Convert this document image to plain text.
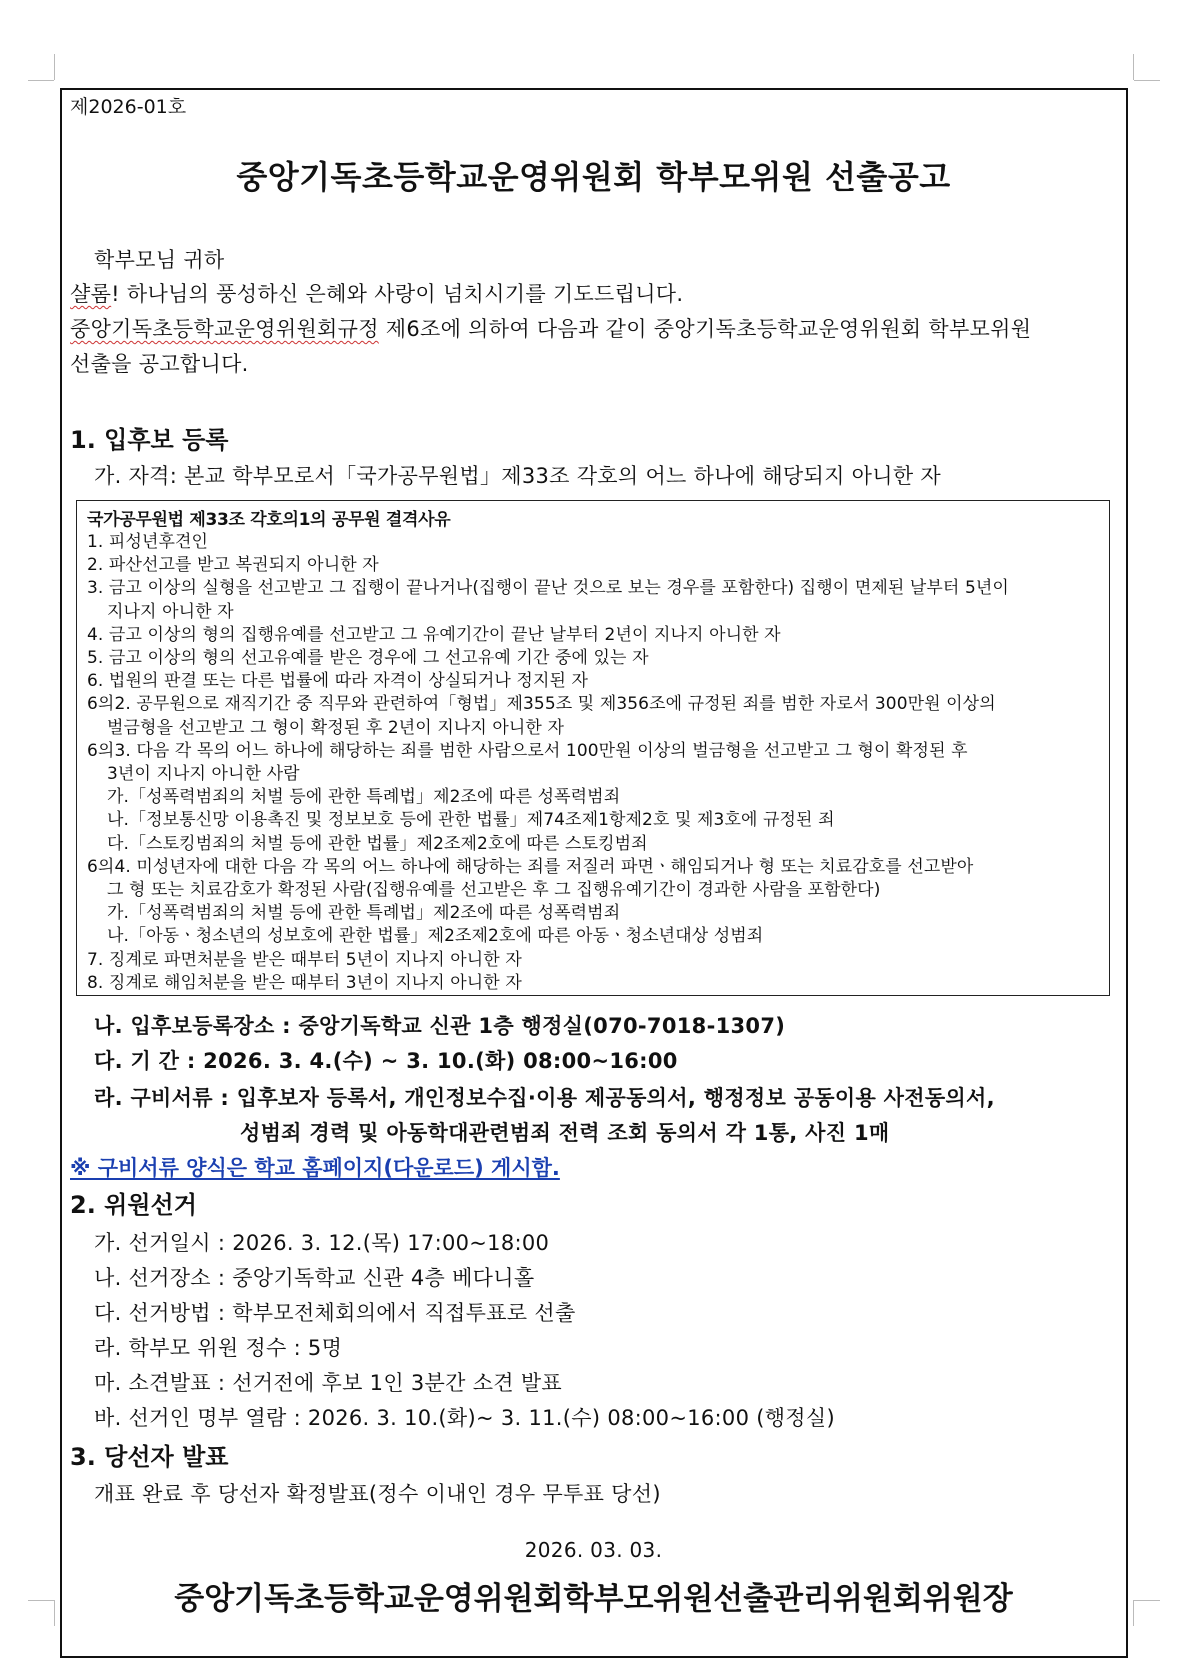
제2026-01호
중앙기독초등학교운영위원회 학부모위원 선출공고
학부모님 귀하
샬롬! 하나님의 풍성하신 은혜와 사랑이 넘치시기를 기도드립니다.
중앙기독초등학교운영위원회규정 제6조에 의하여 다음과 같이 중앙기독초등학교운영위원회 학부모위원
선출을 공고합니다.
1. 입후보 등록
가. 자격: 본교 학부모로서「국가공무원법」제33조 각호의 어느 하나에 해당되지 아니한 자
국가공무원법 제33조 각호의1의 공무원 결격사유
1. 피성년후견인
2. 파산선고를 받고 복권되지 아니한 자
3. 금고 이상의 실형을 선고받고 그 집행이 끝나거나(집행이 끝난 것으로 보는 경우를 포함한다) 집행이 면제된 날부터 5년이
지나지 아니한 자
4. 금고 이상의 형의 집행유예를 선고받고 그 유예기간이 끝난 날부터 2년이 지나지 아니한 자
5. 금고 이상의 형의 선고유예를 받은 경우에 그 선고유예 기간 중에 있는 자
6. 법원의 판결 또는 다른 법률에 따라 자격이 상실되거나 정지된 자
6의2. 공무원으로 재직기간 중 직무와 관련하여「형법」제355조 및 제356조에 규정된 죄를 범한 자로서 300만원 이상의
벌금형을 선고받고 그 형이 확정된 후 2년이 지나지 아니한 자
6의3. 다음 각 목의 어느 하나에 해당하는 죄를 범한 사람으로서 100만원 이상의 벌금형을 선고받고 그 형이 확정된 후
3년이 지나지 아니한 사람
가.「성폭력범죄의 처벌 등에 관한 특례법」제2조에 따른 성폭력범죄
나.「정보통신망 이용촉진 및 정보보호 등에 관한 법률」제74조제1항제2호 및 제3호에 규정된 죄
다.「스토킹범죄의 처벌 등에 관한 법률」제2조제2호에 따른 스토킹범죄
6의4. 미성년자에 대한 다음 각 목의 어느 하나에 해당하는 죄를 저질러 파면ㆍ해임되거나 형 또는 치료감호를 선고받아
그 형 또는 치료감호가 확정된 사람(집행유예를 선고받은 후 그 집행유예기간이 경과한 사람을 포함한다)
가.「성폭력범죄의 처벌 등에 관한 특례법」제2조에 따른 성폭력범죄
나.「아동ㆍ청소년의 성보호에 관한 법률」제2조제2호에 따른 아동ㆍ청소년대상 성범죄
7. 징계로 파면처분을 받은 때부터 5년이 지나지 아니한 자
8. 징계로 해임처분을 받은 때부터 3년이 지나지 아니한 자
나. 입후보등록장소 : 중앙기독학교 신관 1층 행정실(070-7018-1307)
다. 기 간 : 2026. 3. 4.(수) ~ 3. 10.(화) 08:00~16:00
라. 구비서류 : 입후보자 등록서, 개인정보수집·이용 제공동의서, 행정정보 공동이용 사전동의서,
성범죄 경력 및 아동학대관련범죄 전력 조회 동의서 각 1통, 사진 1매
※ 구비서류 양식은 학교 홈페이지(다운로드) 게시함.
2. 위원선거
가. 선거일시 : 2026. 3. 12.(목) 17:00~18:00
나. 선거장소 : 중앙기독학교 신관 4층 베다니홀
다. 선거방법 : 학부모전체회의에서 직접투표로 선출
라. 학부모 위원 정수 : 5명
마. 소견발표 : 선거전에 후보 1인 3분간 소견 발표
바. 선거인 명부 열람 : 2026. 3. 10.(화)~ 3. 11.(수) 08:00~16:00 (행정실)
3. 당선자 발표
개표 완료 후 당선자 확정발표(정수 이내인 경우 무투표 당선)
2026. 03. 03.
중앙기독초등학교운영위원회학부모위원선출관리위원회위원장
